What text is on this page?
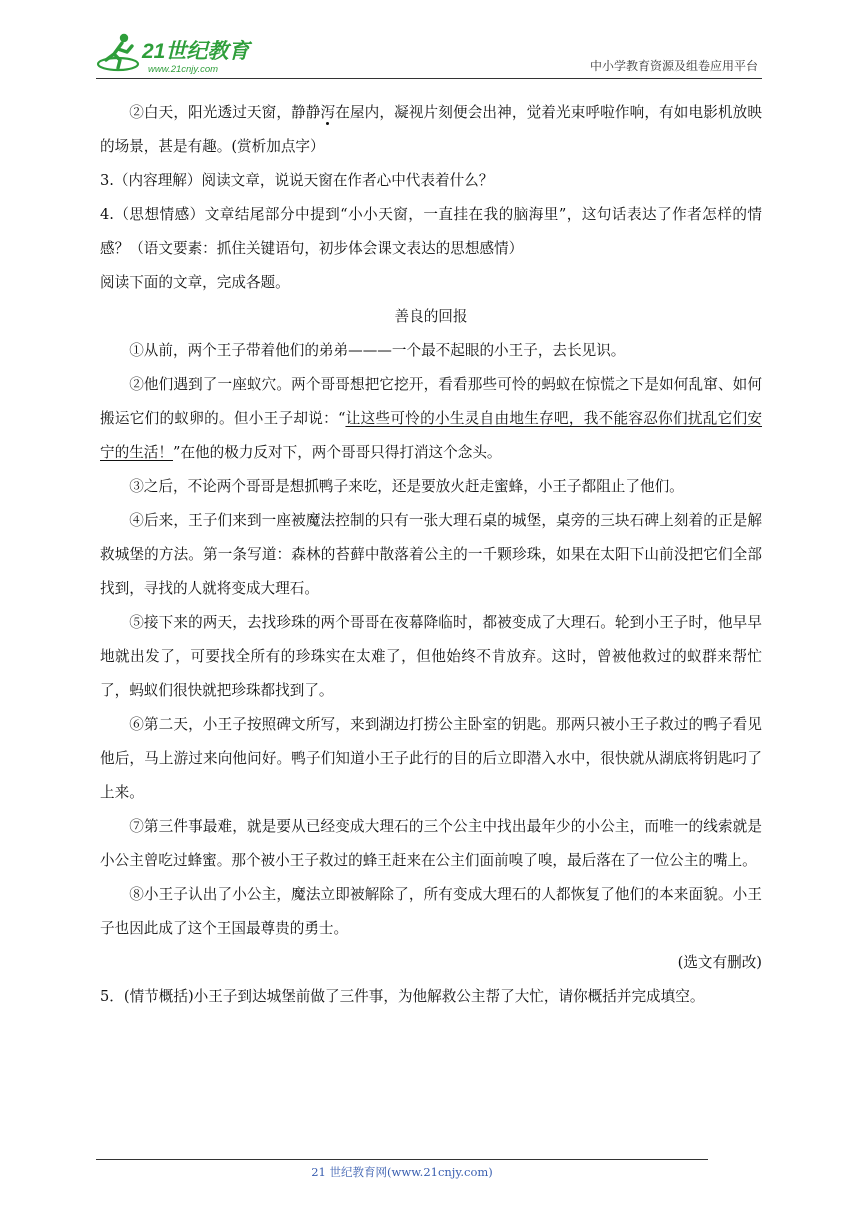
21世纪教育
www.21cnjy.com	中小学教育资源及组卷应用平台

②白天，阳光透过天窗，静静泻在屋内，凝视片刻便会出神，觉着光束呼啦作响，有如电影机放映的场景，甚是有趣。(赏析加点字）

3.（内容理解）阅读文章，说说天窗在作者心中代表着什么？

4.（思想情感）文章结尾部分中提到“小小天窗，一直挂在我的脑海里”，这句话表达了作者怎样的情感？（语文要素：抓住关键语句，初步体会课文表达的思想感情）

阅读下面的文章，完成各题。

善良的回报

①从前，两个王子带着他们的弟弟———一个最不起眼的小王子，去长见识。

②他们遇到了一座蚁穴。两个哥哥想把它挖开，看看那些可怜的蚂蚁在惊慌之下是如何乱窜、如何搬运它们的蚁卵的。但小王子却说：“让这些可怜的小生灵自由地生存吧，我不能容忍你们扰乱它们安宁的生活！”在他的极力反对下，两个哥哥只得打消这个念头。

③之后，不论两个哥哥是想抓鸭子来吃，还是要放火赶走蜜蜂，小王子都阻止了他们。

④后来，王子们来到一座被魔法控制的只有一张大理石桌的城堡，桌旁的三块石碑上刻着的正是解救城堡的方法。第一条写道：森林的苔藓中散落着公主的一千颗珍珠，如果在太阳下山前没把它们全部找到，寻找的人就将变成大理石。

⑤接下来的两天，去找珍珠的两个哥哥在夜幕降临时，都被变成了大理石。轮到小王子时，他早早地就出发了，可要找全所有的珍珠实在太难了，但他始终不肯放弃。这时，曾被他救过的蚁群来帮忙了，蚂蚁们很快就把珍珠都找到了。

⑥第二天，小王子按照碑文所写，来到湖边打捞公主卧室的钥匙。那两只被小王子救过的鸭子看见他后，马上游过来向他问好。鸭子们知道小王子此行的目的后立即潜入水中，很快就从湖底将钥匙叼了上来。

⑦第三件事最难，就是要从已经变成大理石的三个公主中找出最年少的小公主，而唯一的线索就是小公主曾吃过蜂蜜。那个被小王子救过的蜂王赶来在公主们面前嗅了嗅，最后落在了一位公主的嘴上。

⑧小王子认出了小公主，魔法立即被解除了，所有变成大理石的人都恢复了他们的本来面貌。小王子也因此成了这个王国最尊贵的勇士。

(选文有删改)

5．(情节概括)小王子到达城堡前做了三件事，为他解救公主帮了大忙，请你概括并完成填空。

21 世纪教育网(www.21cnjy.com)
